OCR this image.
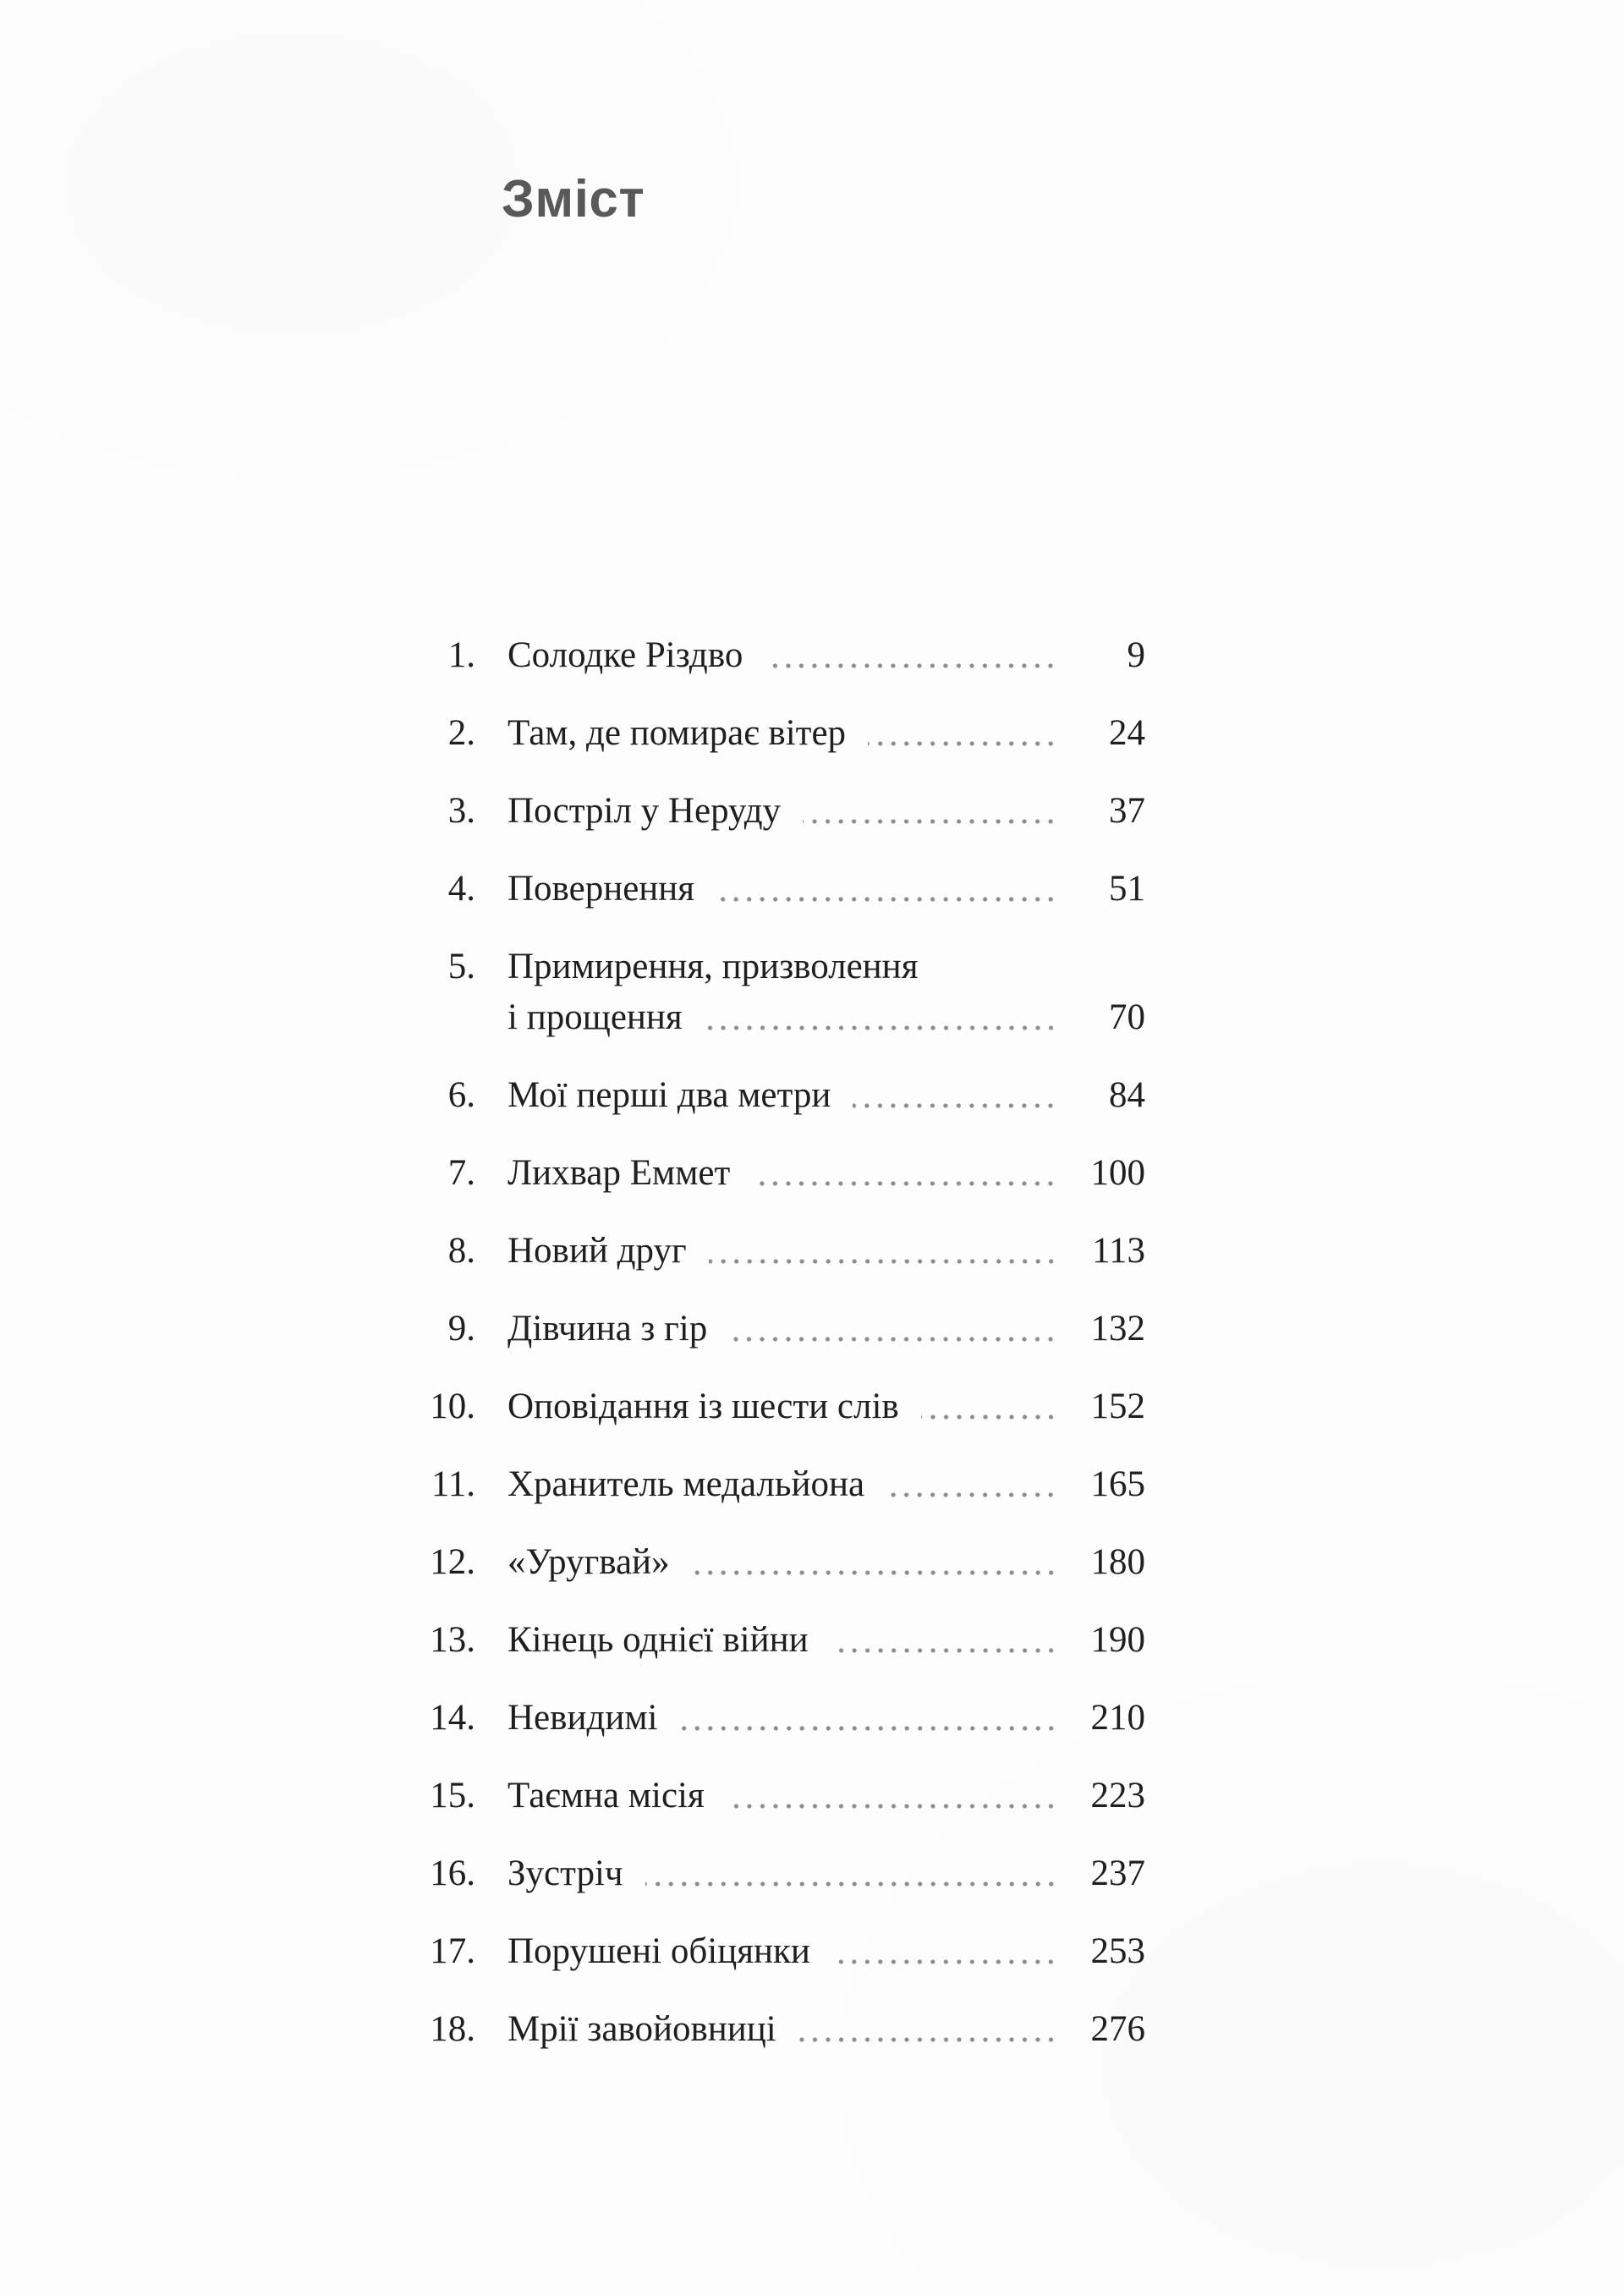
Зміст
1. Солодке Різдво	9
2. Там, де помирає вітер	24
3. Постріл у Неруду	37
4. Повернення	51
5. Примирення, призволення
і прощення	70
6. Мої перші два метри	84
7. Лихвар Еммет	100
8. Новий друг	113
9. Дівчина з гір	132
10. Оповідання із шести слів	152
11. Хранитель медальйона	165
12. «Уругвай»	180
13. Кінець однієї війни	190
14. Невидимі	210
15. Таємна місія	223
16. Зустріч	237
17. Порушені обіцянки	253
18. Мрії завойовниці	276
